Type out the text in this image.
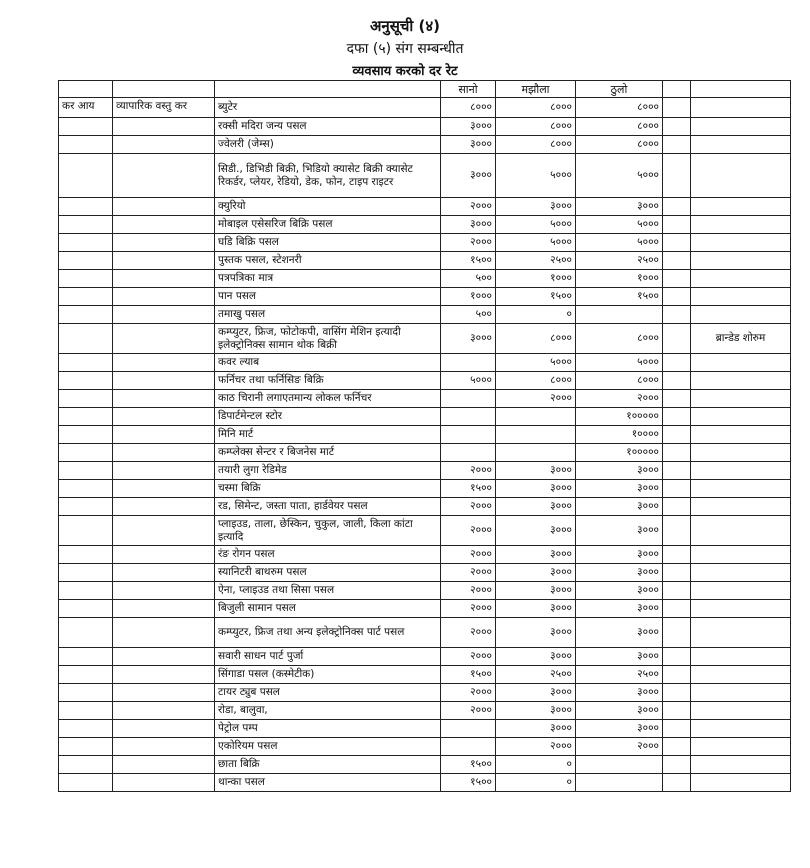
अनुसूची (४)
दफा (५) संग सम्बन्धीत
व्यवसाय करको दर रेट
			सानो	मझौला	ठुलो		
कर आय	व्यापारिक वस्तु कर	ब्युटेर	८०००	८०००	८०००		
		रक्सी मदिरा जन्य पसल	३०००	८०००	८०००		
		ज्वेलरी (जेम्स)	३०००	८०००	८०००		
		सिडी., डिभिडी बिक्री, भिडियो क्यासेट बिक्री क्यासेट रिकर्डर, प्लेयर, रेडियो, डेक, फोन, टाइप राइटर	३०००	५०००	५०००		
		क्युरियो	२०००	३०००	३०००		
		मोबाइल एसेसरिज बिक्रि पसल	३०००	५०००	५०००		
		घडि बिक्रि पसल	२०००	५०००	५०००		
		पुस्तक पसल, स्टेशनरी	१५००	२५००	२५००		
		पत्रपत्रिका मात्र	५००	१०००	१०००		
		पान पसल	१०००	१५००	१५००		
		तमाखु पसल	५००	०			
		कम्प्युटर, फ्रिज, फोटोकपी, वासिंग मेशिन इत्यादी इलेक्ट्रोनिक्स सामान थोक बिक्री	३०००	८०००	८०००		ब्रान्डेड शोरुम
		कवर ल्याब		५०००	५०००		
		फर्निचर तथा फर्निसिङ बिक्रि	५०००	८०००	८०००		
		काठ चिरानी लगाएतमान्य लोकल फर्निचर		२०००	२०००		
		डिपार्टमेन्टल स्टोर			१०००००		
		मिनि मार्ट			१००००		
		कम्प्लेक्स सेन्टर र बिजनेस मार्ट			१०००००		
		तयारी लुगा रेडिमेड	२०००	३०००	३०००		
		चस्मा बिक्रि	१५००	३०००	३०००		
		रड, सिमेन्ट, जस्ता पाता, हार्डवेयर पसल	२०००	३०००	३०००		
		प्लाइउड, ताला, छेस्किन, चुकुल, जाली, किला कांटा इत्यादि	२०००	३०००	३०००		
		रंङ रोगन पसल	२०००	३०००	३०००		
		स्यानिटरी बाथरुम पसल	२०००	३०००	३०००		
		ऐना, प्लाइउड तथा सिसा पसल	२०००	३०००	३०००		
		बिजुली सामान पसल	२०००	३०००	३०००		
		कम्प्युटर, फ्रिज तथा अन्य इलेक्ट्रोनिक्स पार्ट पसल	२०००	३०००	३०००		
		सवारी साधन पार्ट पुर्जा	२०००	३०००	३०००		
		सिंगाडा पसल (कस्मेटीक)	१५००	२५००	२५००		
		टायर ट्युब पसल	२०००	३०००	३०००		
		रोडा, बालुवा,	२०००	३०००	३०००		
		पेट्रोल पम्प		३०००	३०००		
		एकोरियम पसल		२०००	२०००		
		छाता बिक्रि	१५००	०			
		थान्का पसल	१५००	०			
